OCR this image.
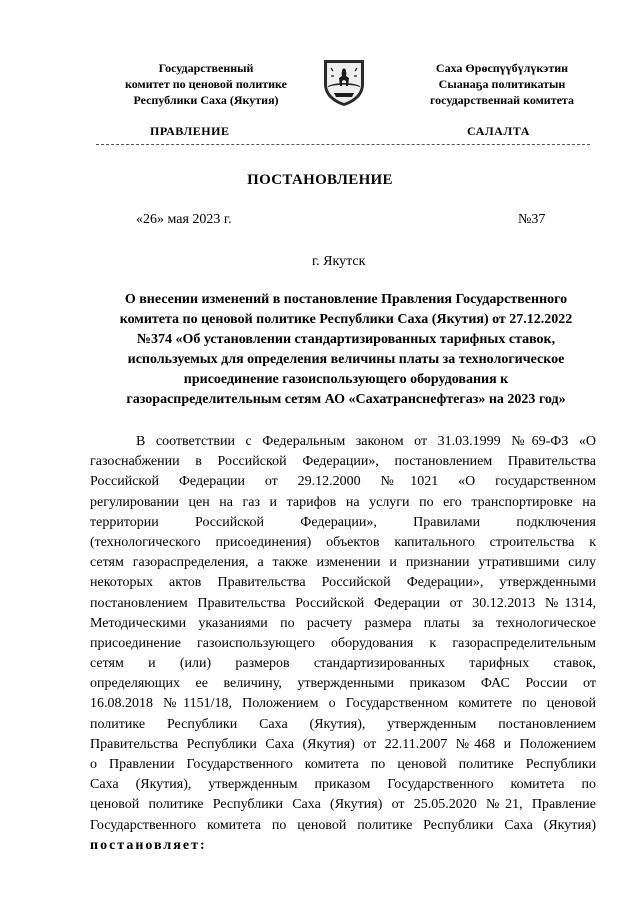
Государственный
комитет по ценовой политике
Республики Саха (Якутия)
Саха Өрөспүүбүлүкэтин
Сыанаҕа политикатын
государственнай комитета
ПРАВЛЕНИЕ	САЛАЛТА
ПОСТАНОВЛЕНИЕ
«26» мая 2023 г.	№37
г. Якутск
О внесении изменений в постановление Правления Государственного
комитета по ценовой политике Республики Саха (Якутия) от 27.12.2022
№374 «Об установлении стандартизированных тарифных ставок,
используемых для определения величины платы за технологическое
присоединение газоиспользующего оборудования к
газораспределительным сетям АО «Сахатранснефтегаз» на 2023 год»
В соответствии с Федеральным законом от 31.03.1999 №69-ФЗ «О
газоснабжении в Российской Федерации», постановлением Правительства
Российской Федерации от 29.12.2000 №1021 «О государственном
регулировании цен на газ и тарифов на услуги по его транспортировке на
территории Российской Федерации», Правилами подключения
(технологического присоединения) объектов капитального строительства к
сетям газораспределения, а также изменении и признании утратившими силу
некоторых актов Правительства Российской Федерации», утвержденными
постановлением Правительства Российской Федерации от 30.12.2013 №1314,
Методическими указаниями по расчету размера платы за технологическое
присоединение газоиспользующего оборудования к газораспределительным
сетям и (или) размеров стандартизированных тарифных ставок,
определяющих ее величину, утвержденными приказом ФАС России от
16.08.2018 №1151/18, Положением о Государственном комитете по ценовой
политике Республики Саха (Якутия), утвержденным постановлением
Правительства Республики Саха (Якутия) от 22.11.2007 №468 и Положением
о Правлении Государственного комитета по ценовой политике Республики
Саха (Якутия), утвержденным приказом Государственного комитета по
ценовой политике Республики Саха (Якутия) от 25.05.2020 №21, Правление
Государственного комитета по ценовой политике Республики Саха (Якутия)
постановляет:
